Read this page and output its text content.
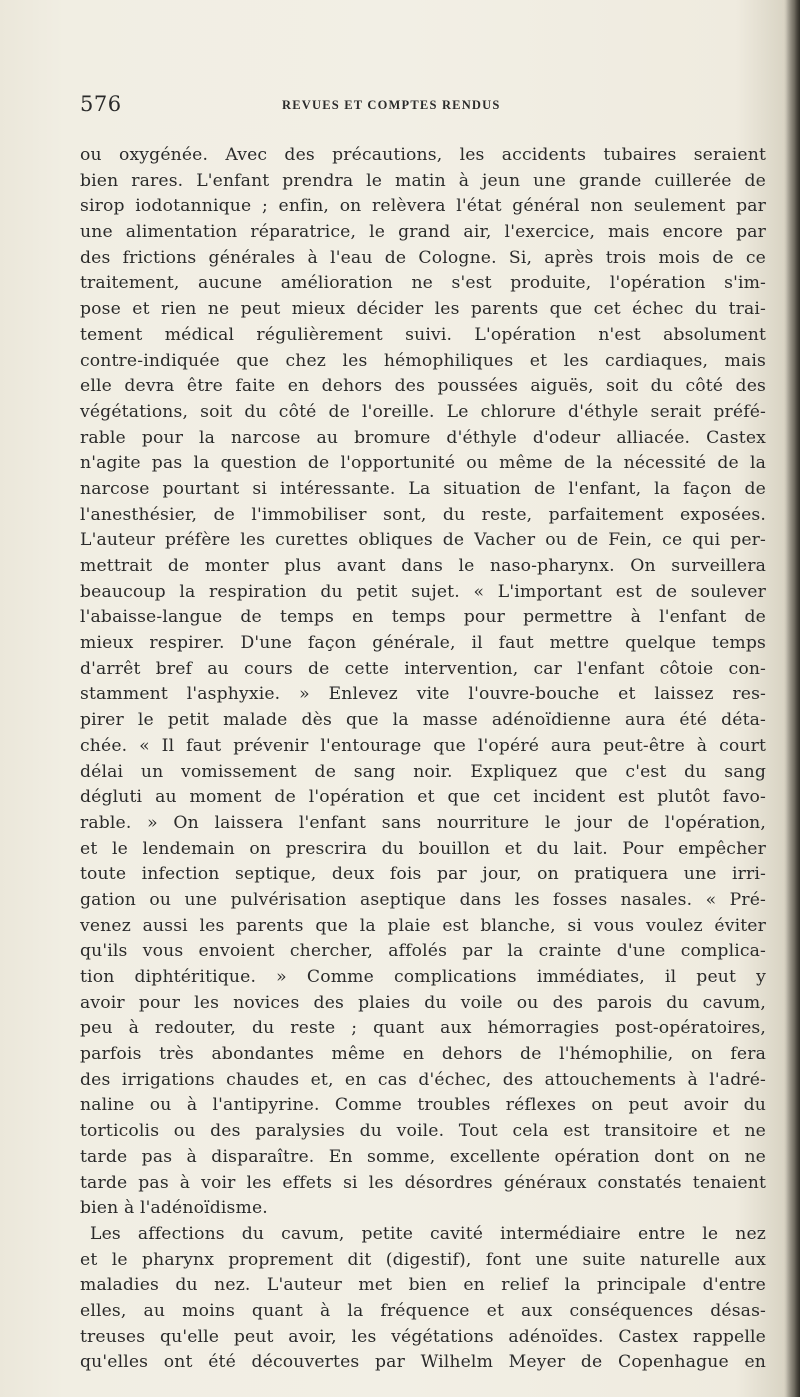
576	REVUES ET COMPTES RENDUS
ou oxygénée. Avec des précautions, les accidents tubaires seraient
bien rares. L'enfant prendra le matin à jeun une grande cuillerée de
sirop iodotannique ; enfin, on relèvera l'état général non seulement par
une alimentation réparatrice, le grand air, l'exercice, mais encore par
des frictions générales à l'eau de Cologne. Si, après trois mois de ce
traitement, aucune amélioration ne s'est produite, l'opération s'im-
pose et rien ne peut mieux décider les parents que cet échec du trai-
tement médical régulièrement suivi. L'opération n'est absolument
contre-indiquée que chez les hémophiliques et les cardiaques, mais
elle devra être faite en dehors des poussées aiguës, soit du côté des
végétations, soit du côté de l'oreille. Le chlorure d'éthyle serait préfé-
rable pour la narcose au bromure d'éthyle d'odeur alliacée. Castex
n'agite pas la question de l'opportunité ou même de la nécessité de la
narcose pourtant si intéressante. La situation de l'enfant, la façon de
l'anesthésier, de l'immobiliser sont, du reste, parfaitement exposées.
L'auteur préfère les curettes obliques de Vacher ou de Fein, ce qui per-
mettrait de monter plus avant dans le naso-pharynx. On surveillera
beaucoup la respiration du petit sujet. « L'important est de soulever
l'abaisse-langue de temps en temps pour permettre à l'enfant de
mieux respirer. D'une façon générale, il faut mettre quelque temps
d'arrêt bref au cours de cette intervention, car l'enfant côtoie con-
stamment l'asphyxie. » Enlevez vite l'ouvre-bouche et laissez res-
pirer le petit malade dès que la masse adénoïdienne aura été déta-
chée. « Il faut prévenir l'entourage que l'opéré aura peut-être à court
délai un vomissement de sang noir. Expliquez que c'est du sang
dégluti au moment de l'opération et que cet incident est plutôt favo-
rable. » On laissera l'enfant sans nourriture le jour de l'opération,
et le lendemain on prescrira du bouillon et du lait. Pour empêcher
toute infection septique, deux fois par jour, on pratiquera une irri-
gation ou une pulvérisation aseptique dans les fosses nasales. « Pré-
venez aussi les parents que la plaie est blanche, si vous voulez éviter
qu'ils vous envoient chercher, affolés par la crainte d'une complica-
tion diphtéritique. » Comme complications immédiates, il peut y
avoir pour les novices des plaies du voile ou des parois du cavum,
peu à redouter, du reste ; quant aux hémorragies post-opératoires,
parfois très abondantes même en dehors de l'hémophilie, on fera
des irrigations chaudes et, en cas d'échec, des attouchements à l'adré-
naline ou à l'antipyrine. Comme troubles réflexes on peut avoir du
torticolis ou des paralysies du voile. Tout cela est transitoire et ne
tarde pas à disparaître. En somme, excellente opération dont on ne
tarde pas à voir les effets si les désordres généraux constatés tenaient
bien à l'adénoïdisme.
Les affections du cavum, petite cavité intermédiaire entre le nez
et le pharynx proprement dit (digestif), font une suite naturelle aux
maladies du nez. L'auteur met bien en relief la principale d'entre
elles, au moins quant à la fréquence et aux conséquences désas-
treuses qu'elle peut avoir, les végétations adénoïdes. Castex rappelle
qu'elles ont été découvertes par Wilhelm Meyer de Copenhague en
